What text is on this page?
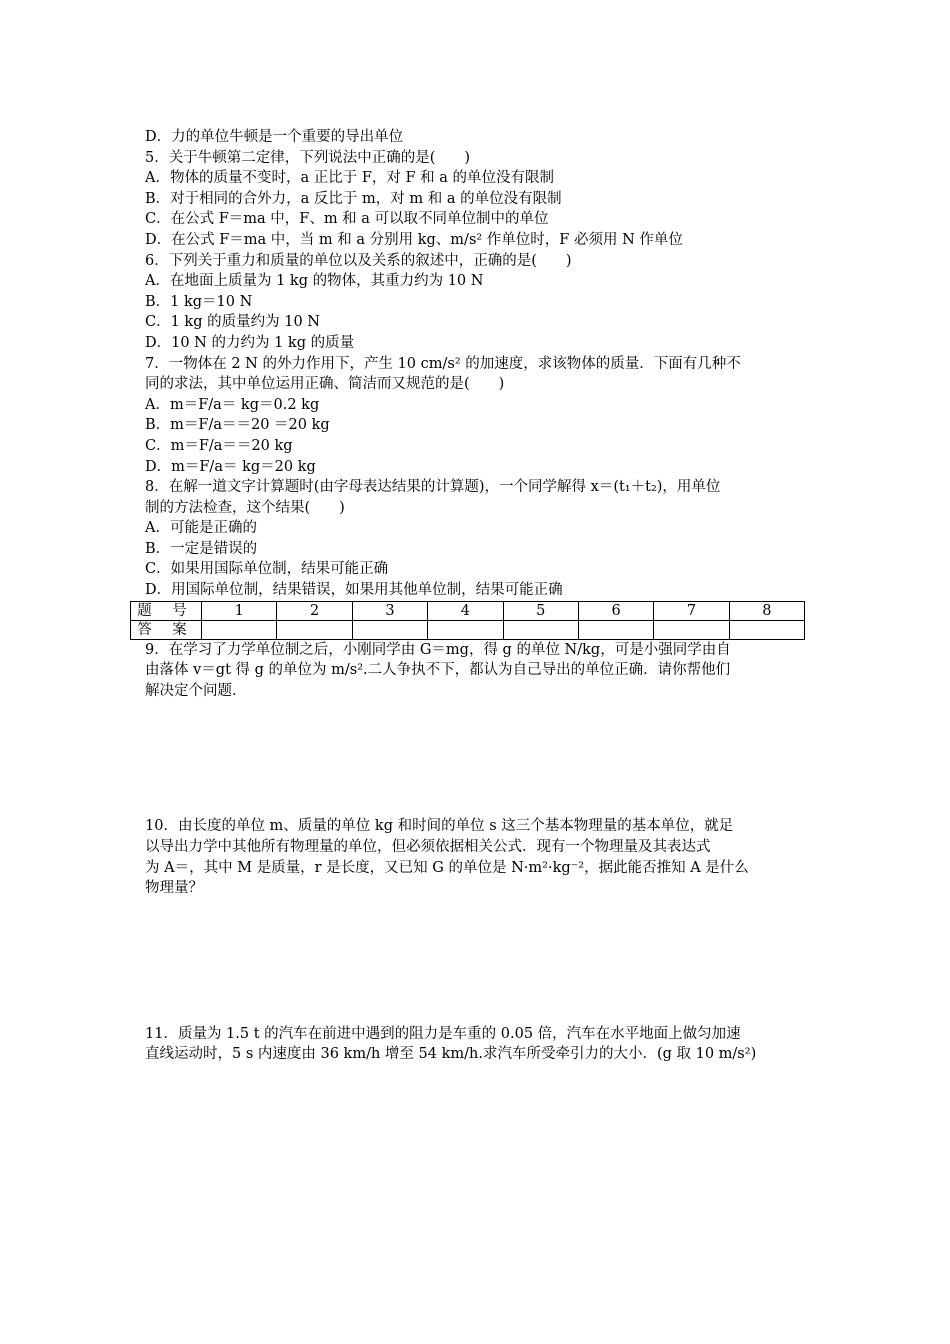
D．力的单位牛顿是一个重要的导出单位
5．关于牛顿第二定律，下列说法中正确的是(　　)
A．物体的质量不变时，a 正比于 F，对 F 和 a 的单位没有限制
B．对于相同的合外力，a 反比于 m，对 m 和 a 的单位没有限制
C．在公式 F＝ma 中，F、m 和 a 可以取不同单位制中的单位
D．在公式 F＝ma 中，当 m 和 a 分别用 kg、m/s² 作单位时，F 必须用 N 作单位
6．下列关于重力和质量的单位以及关系的叙述中，正确的是(　　)
A．在地面上质量为 1 kg 的物体，其重力约为 10 N
B．1 kg＝10 N
C．1 kg 的质量约为 10 N
D．10 N 的力约为 1 kg 的质量
7．一物体在 2 N 的外力作用下，产生 10 cm/s² 的加速度，求该物体的质量．下面有几种不
同的求法，其中单位运用正确、简洁而又规范的是(　　)
A．m＝F/a＝ kg＝0.2 kg
B．m＝F/a＝＝20 ＝20 kg
C．m＝F/a＝＝20 kg
D．m＝F/a＝ kg＝20 kg
8．在解一道文字计算题时(由字母表达结果的计算题)，一个同学解得 x＝(t₁＋t₂)，用单位
制的方法检查，这个结果(　　)
A．可能是正确的
B．一定是错误的
C．如果用国际单位制，结果可能正确
D．用国际单位制，结果错误，如果用其他单位制，结果可能正确
题 号	1	2	3	4	5	6	7	8
答 案								
9．在学习了力学单位制之后，小刚同学由 G＝mg，得 g 的单位 N/kg，可是小强同学由自
由落体 v＝gt 得 g 的单位为 m/s².二人争执不下，都认为自己导出的单位正确．请你帮他们
解决定个问题．
10．由长度的单位 m、质量的单位 kg 和时间的单位 s 这三个基本物理量的基本单位，就足
以导出力学中其他所有物理量的单位，但必须依据相关公式．现有一个物理量及其表达式
为 A＝，其中 M 是质量，r 是长度，又已知 G 的单位是 N·m²·kg⁻²，据此能否推知 A 是什么
物理量？
11．质量为 1.5 t 的汽车在前进中遇到的阻力是车重的 0.05 倍，汽车在水平地面上做匀加速
直线运动时，5 s 内速度由 36 km/h 增至 54 km/h.求汽车所受牵引力的大小．(g 取 10 m/s²)
